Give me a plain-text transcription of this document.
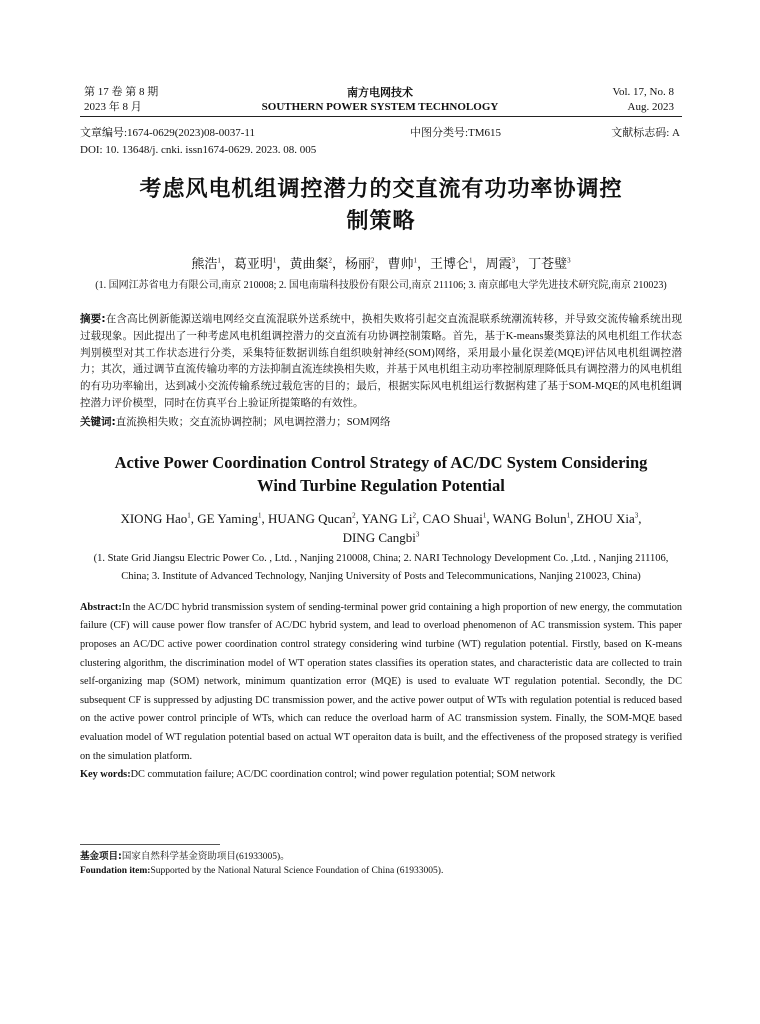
第 17 卷 第 8 期
2023 年 8 月
南方电网技术
SOUTHERN POWER SYSTEM TECHNOLOGY
Vol. 17, No. 8
Aug. 2023
文章编号:1674-0629(2023)08-0037-11	中图分类号:TM615	文献标志码: A
DOI: 10. 13648/j. cnki. issn1674-0629. 2023. 08. 005
考虑风电机组调控潜力的交直流有功功率协调控
制策略
熊浩$^1$，葛亚明$^1$，黄曲粲$^2$，杨丽$^2$，曹帅$^1$，王博仑$^1$，周霞$^3$，丁苍璧$^3$
(1. 国网江苏省电力有限公司,南京 210008; 2. 国电南瑞科技股份有限公司,南京 211106; 3. 南京邮电大学先进技术研究院,南京 210023)
摘要:在含高比例新能源送端电网经交直流混联外送系统中，换相失败将引起交直流混联系统潮流转移，并导致交流传输系统出现过载现象。因此提出了一种考虑风电机组调控潜力的交直流有功协调控制策略。首先，基于K-means聚类算法的风电机组工作状态判别模型对其工作状态进行分类，采集特征数据训练自组织映射神经(SOM)网络，采用最小量化误差(MQE)评估风电机组调控潜力；其次，通过调节直流传输功率的方法抑制直流连续换相失败，并基于风电机组主动功率控制原理降低具有调控潜力的风电机组的有功功率输出，达到减小交流传输系统过载危害的目的；最后，根据实际风电机组运行数据构建了基于SOM-MQE的风电机组调控潜力评价模型，同时在仿真平台上验证所提策略的有效性。
关键词:直流换相失败；交直流协调控制；风电调控潜力；SOM网络
Active Power Coordination Control Strategy of AC/DC System Considering
Wind Turbine Regulation Potential
XIONG Hao$^1$, GE Yaming$^1$, HUANG Qucan$^2$, YANG Li$^2$, CAO Shuai$^1$, WANG Bolun$^1$, ZHOU Xia$^3$,
DING Cangbi$^3$
(1. State Grid Jiangsu Electric Power Co. , Ltd. , Nanjing 210008, China; 2. NARI Technology Development Co. ,Ltd. , Nanjing 211106, China; 3. Institute of Advanced Technology, Nanjing University of Posts and Telecommunications, Nanjing 210023, China)
Abstract:In the AC/DC hybrid transmission system of sending-terminal power grid containing a high proportion of new energy, the commutation failure (CF) will cause power flow transfer of AC/DC hybrid system, and lead to overload phenomenon of AC transmission system. This paper proposes an AC/DC active power coordination control strategy considering wind turbine (WT) regulation potential. Firstly, based on K-means clustering algorithm, the discrimination model of WT operation states classifies its operation states, and characteristic data are collected to train self-organizing map (SOM) network, minimum quantization error (MQE) is used to evaluate WT regulation potential. Secondly, the DC subsequent CF is suppressed by adjusting DC transmission power, and the active power output of WTs with regulation potential is reduced based on the active power control principle of WTs, which can reduce the overload harm of AC transmission system. Finally, the SOM-MQE based evaluation model of WT regulation potential based on actual WT operaiton data is built, and the effectiveness of the proposed strategy is verified on the simulation platform.
Key words:DC commutation failure; AC/DC coordination control; wind power regulation potential; SOM network
基金项目:国家自然科学基金资助项目(61933005)。
Foundation item:Supported by the National Natural Science Foundation of China (61933005).
